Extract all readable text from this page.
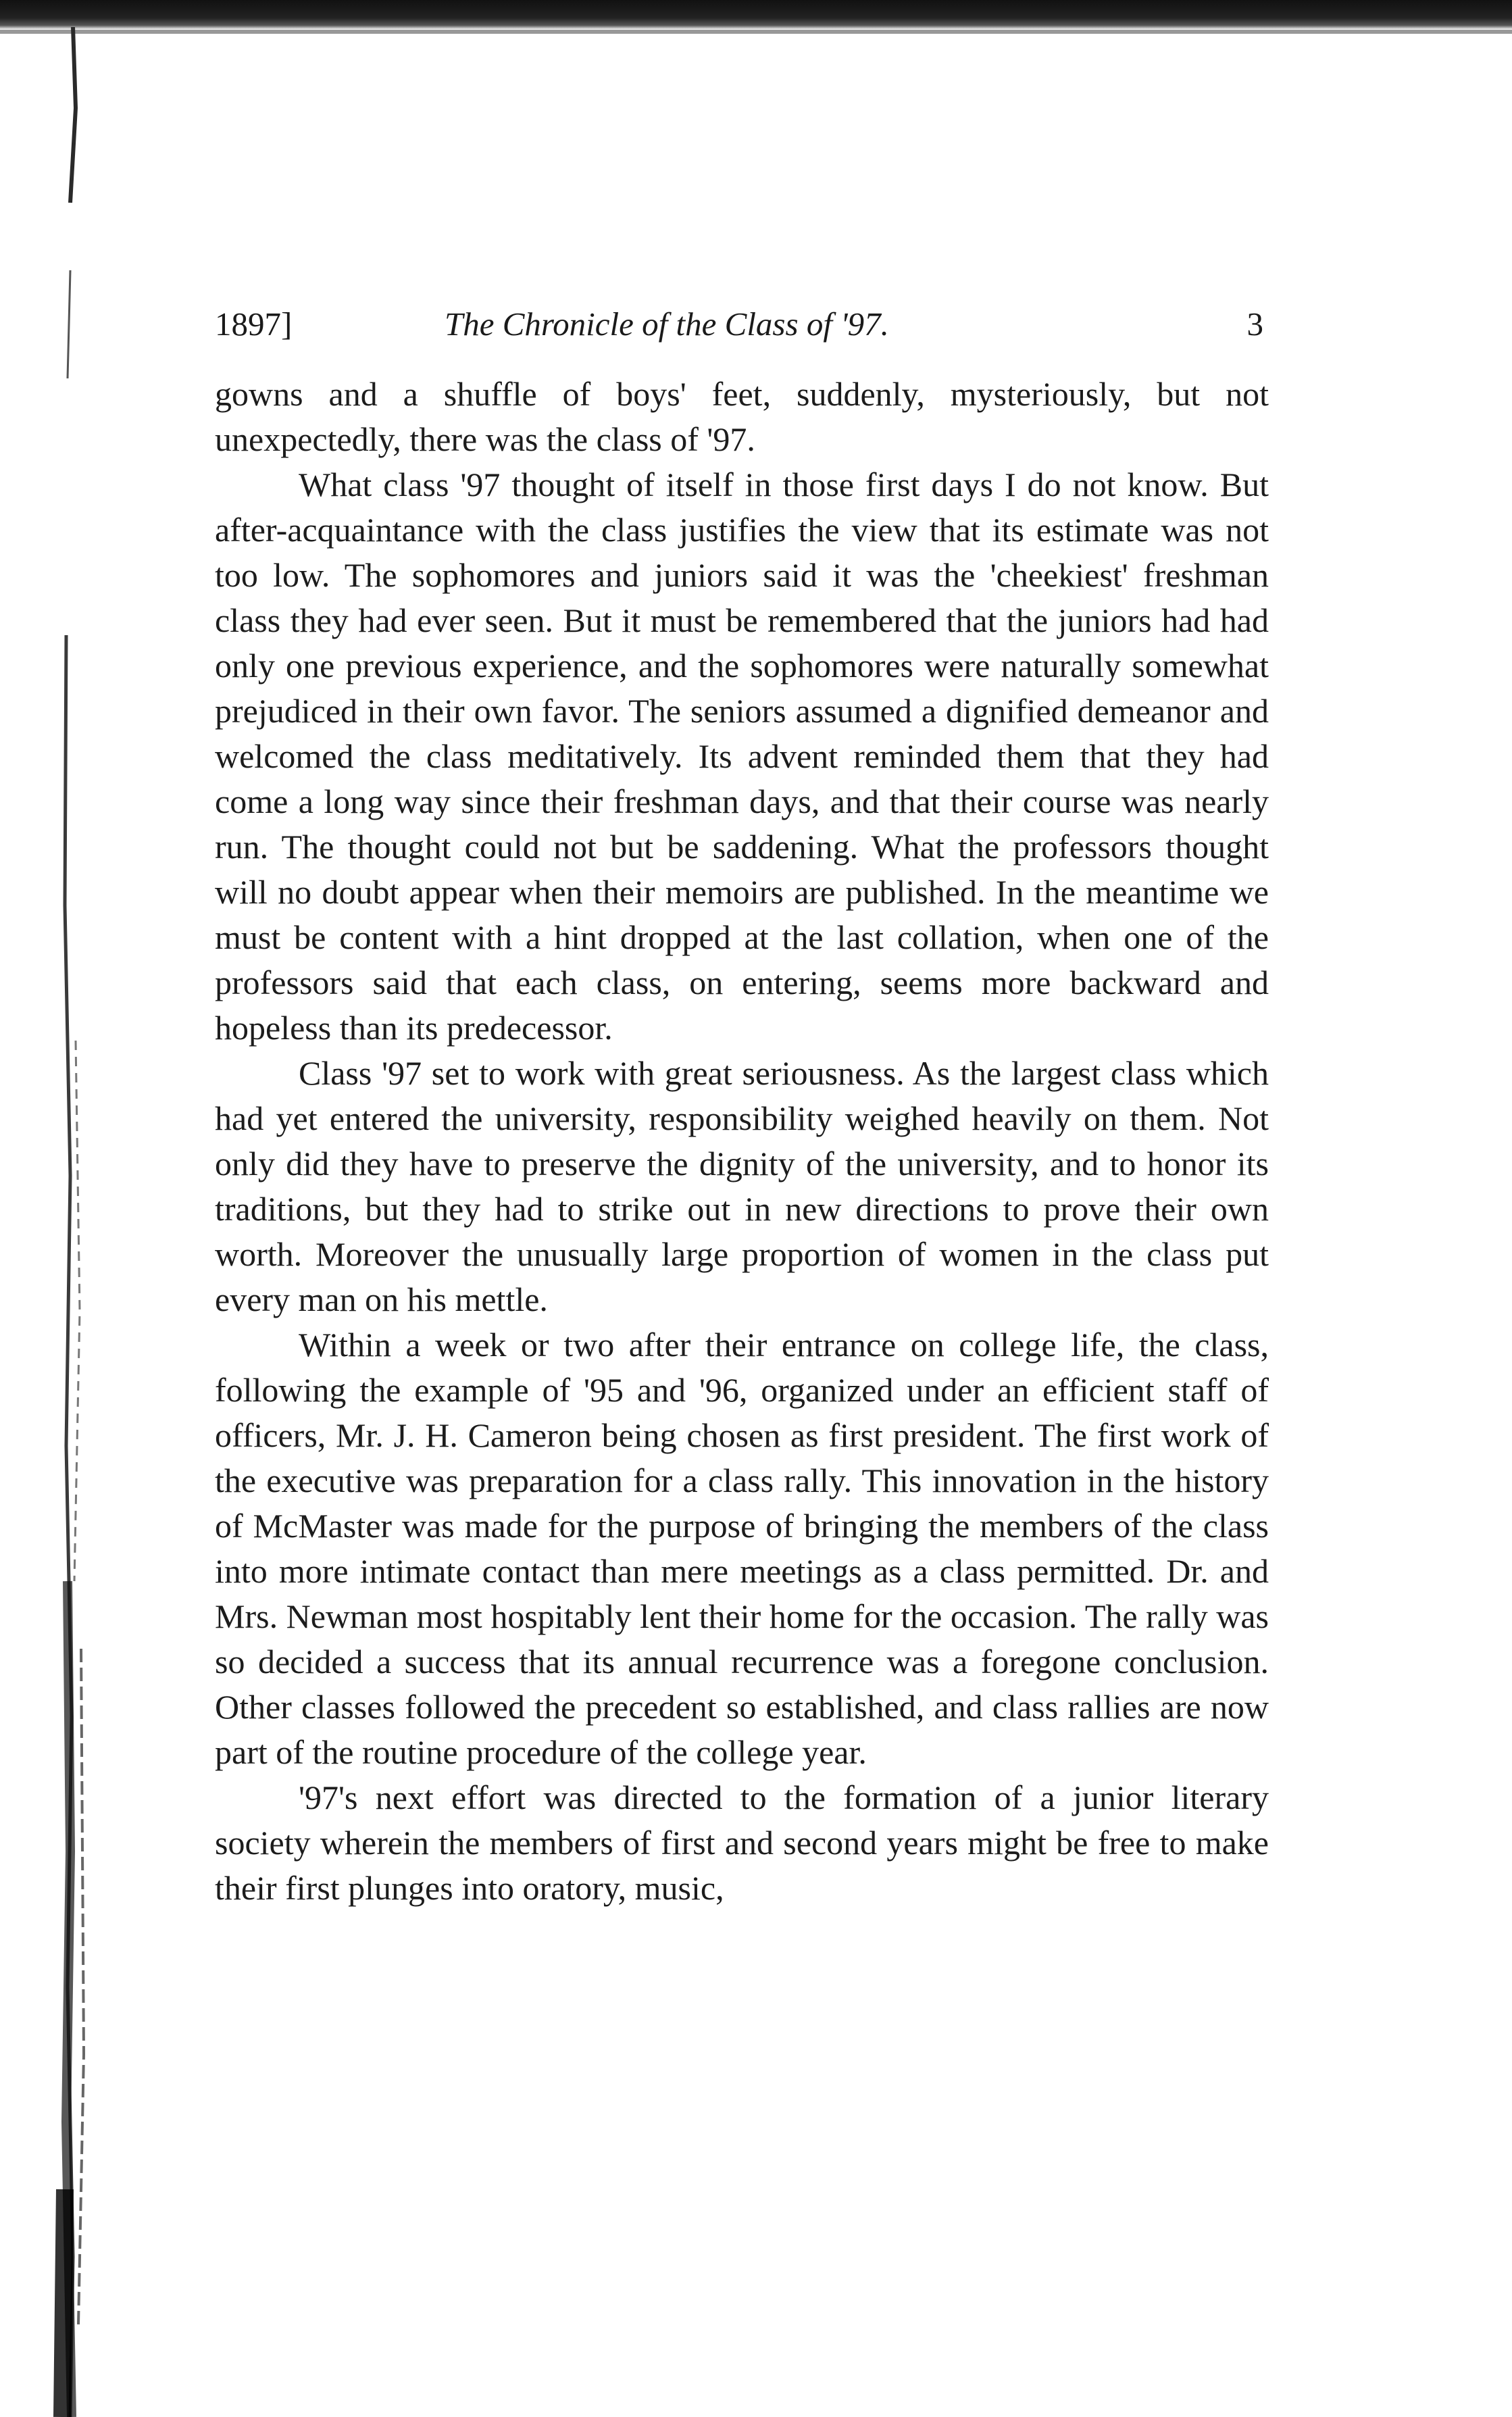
1897]	The Chronicle of the Class of '97.	3

gowns and a shuffle of boys' feet, suddenly, mysteriously, but not unexpectedly, there was the class of '97.

What class '97 thought of itself in those first days I do not know. But after-acquaintance with the class justifies the view that its estimate was not too low. The sophomores and juniors said it was the 'cheekiest' freshman class they had ever seen. But it must be remembered that the juniors had had only one previous experience, and the sophomores were naturally somewhat prejudiced in their own favor. The seniors assumed a dignified demeanor and welcomed the class meditatively. Its advent reminded them that they had come a long way since their freshman days, and that their course was nearly run. The thought could not but be saddening. What the professors thought will no doubt appear when their memoirs are published. In the meantime we must be content with a hint dropped at the last collation, when one of the professors said that each class, on entering, seems more backward and hopeless than its predecessor.

Class '97 set to work with great seriousness. As the largest class which had yet entered the university, responsibility weighed heavily on them. Not only did they have to preserve the dignity of the university, and to honor its traditions, but they had to strike out in new directions to prove their own worth. Moreover the unusually large proportion of women in the class put every man on his mettle.

Within a week or two after their entrance on college life, the class, following the example of '95 and '96, organized under an efficient staff of officers, Mr. J. H. Cameron being chosen as first president. The first work of the executive was preparation for a class rally. This innovation in the history of McMaster was made for the purpose of bringing the members of the class into more intimate contact than mere meetings as a class permitted. Dr. and Mrs. Newman most hospitably lent their home for the occasion. The rally was so decided a success that its annual recurrence was a foregone conclusion. Other classes followed the precedent so established, and class rallies are now part of the routine procedure of the college year.

'97's next effort was directed to the formation of a junior literary society wherein the members of first and second years might be free to make their first plunges into oratory, music,
